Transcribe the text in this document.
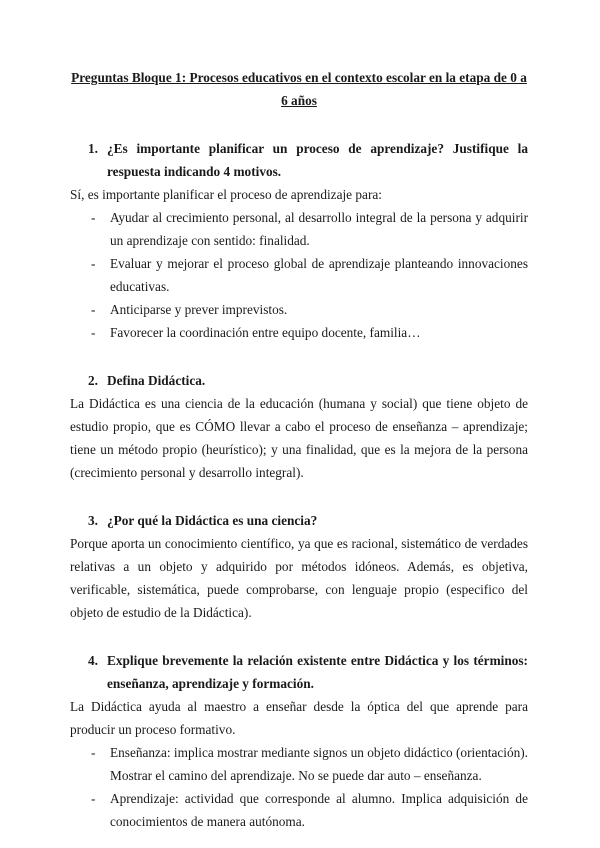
Preguntas Bloque 1: Procesos educativos en el contexto escolar en la etapa de 0 a 6 años
1. ¿Es importante planificar un proceso de aprendizaje? Justifique la respuesta indicando 4 motivos.

Sí, es importante planificar el proceso de aprendizaje para:

- Ayudar al crecimiento personal, al desarrollo integral de la persona y adquirir un aprendizaje con sentido: finalidad.
- Evaluar y mejorar el proceso global de aprendizaje planteando innovaciones educativas.
- Anticiparse y prever imprevistos.
- Favorecer la coordinación entre equipo docente, familia…
2. Defina Didáctica.

La Didáctica es una ciencia de la educación (humana y social) que tiene objeto de estudio propio, que es CÓMO llevar a cabo el proceso de enseñanza – aprendizaje; tiene un método propio (heurístico); y una finalidad, que es la mejora de la persona (crecimiento personal y desarrollo integral).

3. ¿Por qué la Didáctica es una ciencia?

Porque aporta un conocimiento científico, ya que es racional, sistemático de verdades relativas a un objeto y adquirido por métodos idóneos. Además, es objetiva, verificable, sistemática, puede comprobarse, con lenguaje propio (especifico del objeto de estudio de la Didáctica).

4. Explique brevemente la relación existente entre Didáctica y los términos: enseñanza, aprendizaje y formación.

La Didáctica ayuda al maestro a enseñar desde la óptica del que aprende para producir un proceso formativo.

- Enseñanza: implica mostrar mediante signos un objeto didáctico (orientación). Mostrar el camino del aprendizaje. No se puede dar auto – enseñanza.
- Aprendizaje: actividad que corresponde al alumno. Implica adquisición de conocimientos de manera autónoma.
